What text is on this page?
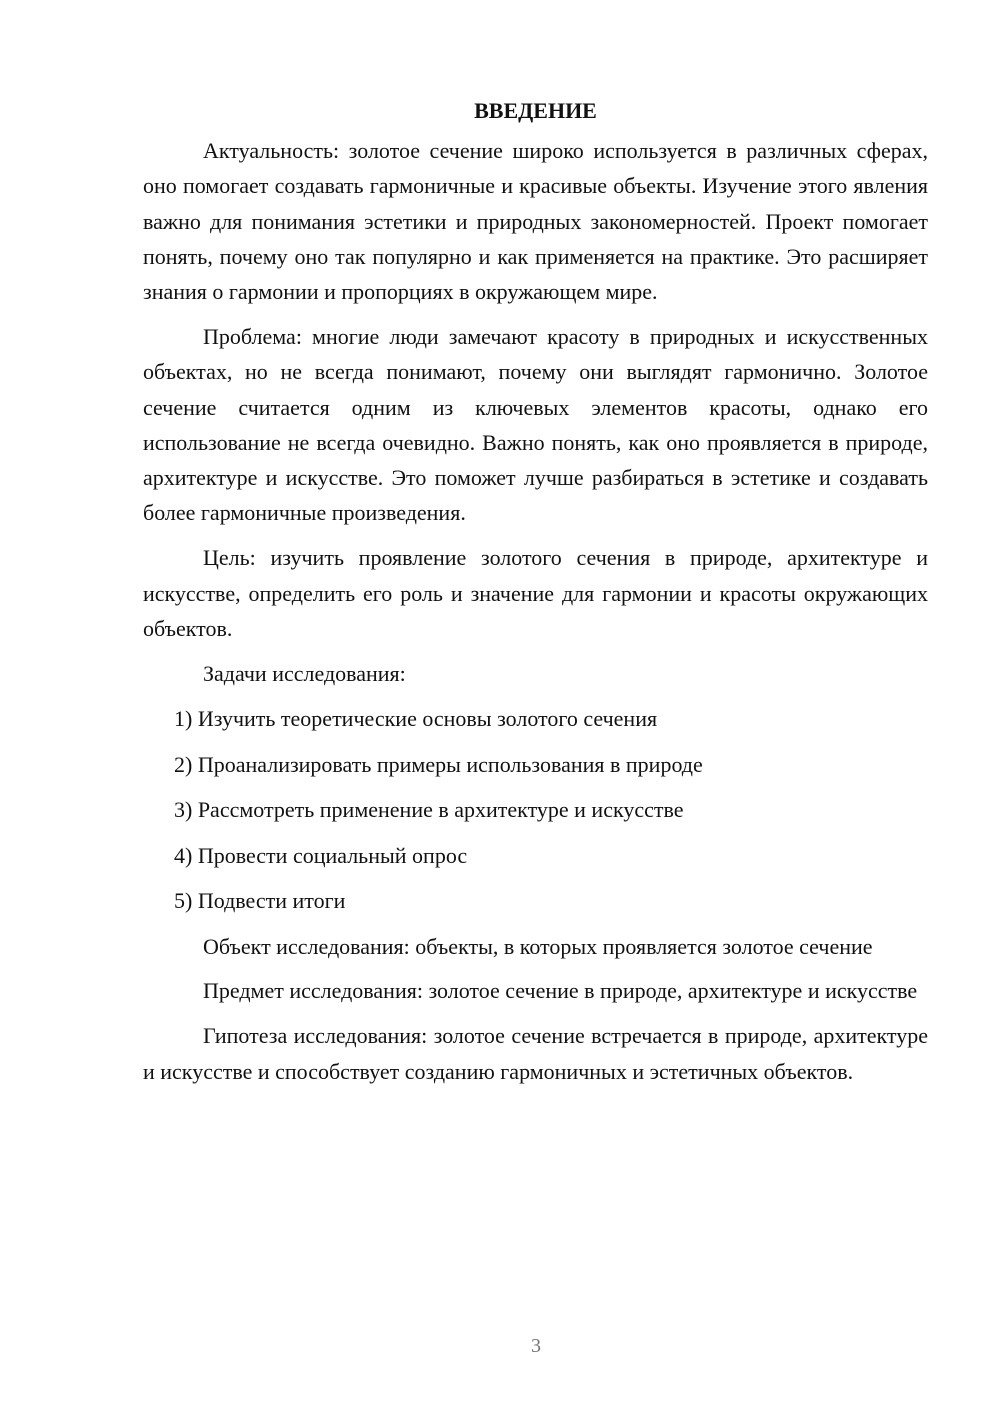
ВВЕДЕНИЕ

Актуальность: золотое сечение широко используется в различных сферах, оно помогает создавать гармоничные и красивые объекты. Изучение этого явления важно для понимания эстетики и природных закономерностей. Проект помогает понять, почему оно так популярно и как применяется на практике. Это расширяет знания о гармонии и пропорциях в окружающем мире.

Проблема: многие люди замечают красоту в природных и искусственных объектах, но не всегда понимают, почему они выглядят гармонично. Золотое сечение считается одним из ключевых элементов красоты, однако его использование не всегда очевидно. Важно понять, как оно проявляется в природе, архитектуре и искусстве. Это поможет лучше разбираться в эстетике и создавать более гармоничные произведения.

Цель: изучить проявление золотого сечения в природе, архитектуре и искусстве, определить его роль и значение для гармонии и красоты окружающих объектов.

Задачи исследования:
1) Изучить теоретические основы золотого сечения
2) Проанализировать примеры использования в природе
3) Рассмотреть применение в архитектуре и искусстве
4) Провести социальный опрос
5) Подвести итоги

Объект исследования: объекты, в которых проявляется золотое сечение

Предмет исследования: золотое сечение в природе, архитектуре и искусстве

Гипотеза исследования: золотое сечение встречается в природе, архитектуре и искусстве и способствует созданию гармоничных и эстетичных объектов.

3
